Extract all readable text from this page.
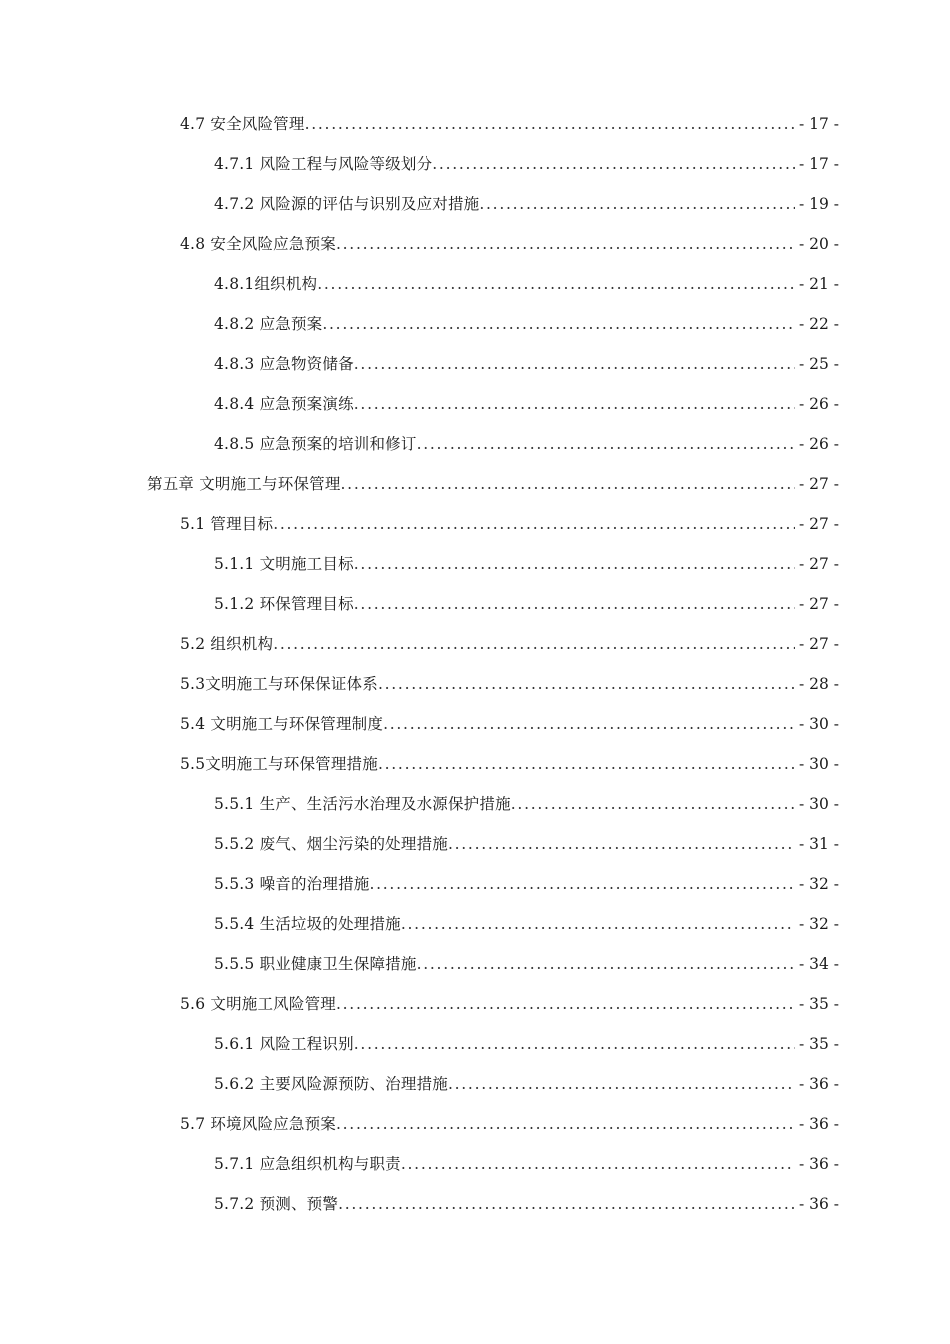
4.7 安全风险管理 . . .	- 17 -
4.7.1 风险工程与风险等级划分 . . .	- 17 -
4.7.2 风险源的评估与识别及应对措施 . . .	- 19 -
4.8 安全风险应急预案 . . .	- 20 -
4.8.1组织机构 . . .	- 21 -
4.8.2 应急预案 . . .	- 22 -
4.8.3 应急物资储备 . . .	- 25 -
4.8.4 应急预案演练 . . .	- 26 -
4.8.5 应急预案的培训和修订 . . .	- 26 -
第五章 文明施工与环保管理 . . .	- 27 -
5.1 管理目标 . . .	- 27 -
5.1.1 文明施工目标 . . .	- 27 -
5.1.2 环保管理目标 . . .	- 27 -
5.2 组织机构 . . .	- 27 -
5.3文明施工与环保保证体系 . . .	- 28 -
5.4 文明施工与环保管理制度 . . .	- 30 -
5.5文明施工与环保管理措施 . . .	- 30 -
5.5.1 生产、生活污水治理及水源保护措施 . . .	- 30 -
5.5.2 废气、烟尘污染的处理措施 . . .	- 31 -
5.5.3 噪音的治理措施 . . .	- 32 -
5.5.4 生活垃圾的处理措施 . . .	- 32 -
5.5.5 职业健康卫生保障措施 . . .	- 34 -
5.6 文明施工风险管理 . . .	- 35 -
5.6.1 风险工程识别 . . .	- 35 -
5.6.2 主要风险源预防、治理措施 . . .	- 36 -
5.7 环境风险应急预案 . . .	- 36 -
5.7.1 应急组织机构与职责 . . .	- 36 -
5.7.2 预测、预警 . . .	- 36 -
